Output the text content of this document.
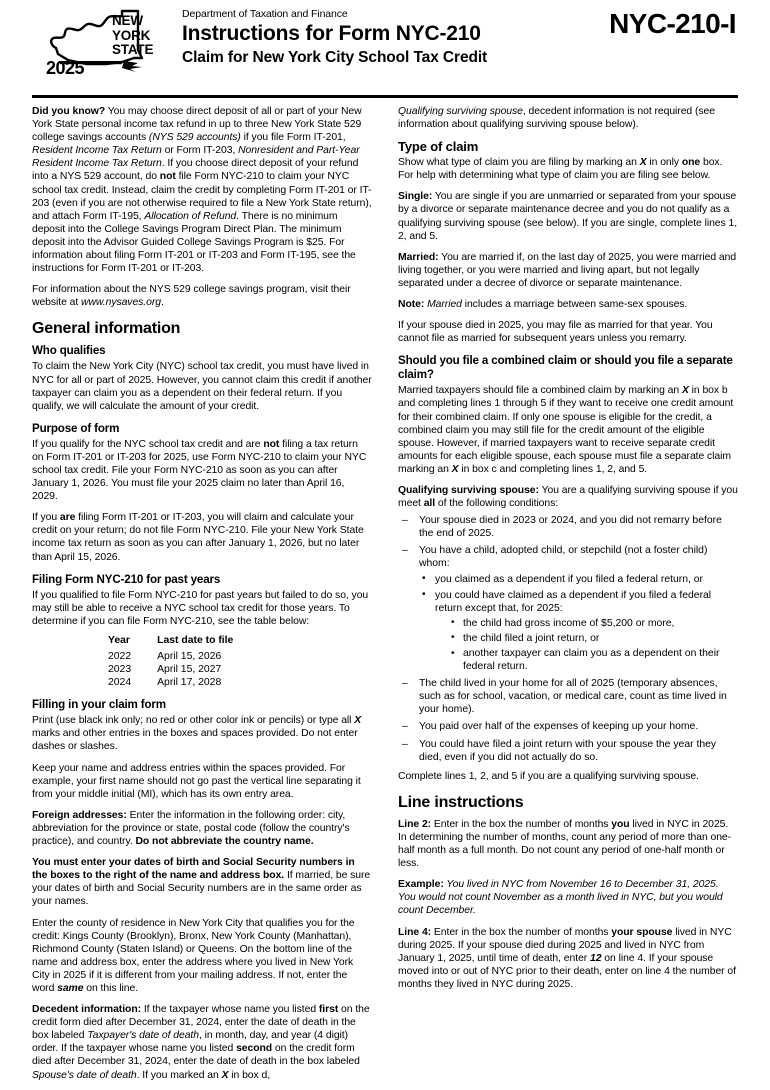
NEW
YORK
STATE
2025
Department of Taxation and Finance
Instructions for Form NYC-210
Claim for New York City School Tax Credit
NYC-210-I

Did you know? You may choose direct deposit of all or part of your New York State personal income tax refund in up to three New York State 529 college savings accounts (NYS 529 accounts) if you file Form IT-201, Resident Income Tax Return or Form IT-203, Nonresident and Part-Year Resident Income Tax Return. If you choose direct deposit of your refund into a NYS 529 account, do not file Form NYC-210 to claim your NYC school tax credit. Instead, claim the credit by completing Form IT-201 or IT-203 (even if you are not otherwise required to file a New York State return), and attach Form IT-195, Allocation of Refund. There is no minimum deposit into the College Savings Program Direct Plan. The minimum deposit into the Advisor Guided College Savings Program is $25. For information about filing Form IT-201 or IT-203 and Form IT-195, see the instructions for Form IT-201 or IT-203.

For information about the NYS 529 college savings program, visit their website at www.nysaves.org.

General information
Who qualifies

To claim the New York City (NYC) school tax credit, you must have lived in NYC for all or part of 2025. However, you cannot claim this credit if another taxpayer can claim you as a dependent on their federal return. If you qualify, we will calculate the amount of your credit.

Purpose of form

If you qualify for the NYC school tax credit and are not filing a tax return on Form IT-201 or IT-203 for 2025, use Form NYC-210 to claim your NYC school tax credit. File your Form NYC-210 as soon as you can after January 1, 2026. You must file your 2025 claim no later than April 16, 2029.

If you are filing Form IT-201 or IT-203, you will claim and calculate your credit on your return; do not file Form NYC-210. File your New York State income tax return as soon as you can after January 1, 2026, but no later than April 15, 2026.

Filing Form NYC-210 for past years

If you qualified to file Form NYC-210 for past years but failed to do so, you may still be able to receive a NYC school tax credit for those years. To determine if you can file Form NYC-210, see the table below:

Year	Last date to file
2022	April 15, 2026
2023	April 15, 2027
2024	April 17, 2028
Filling in your claim form

Print (use black ink only; no red or other color ink or pencils) or type all X marks and other entries in the boxes and spaces provided. Do not enter dashes or slashes.

Keep your name and address entries within the spaces provided. For example, your first name should not go past the vertical line separating it from your middle initial (MI), which has its own entry area.

Foreign addresses: Enter the information in the following order: city, abbreviation for the province or state, postal code (follow the country's practice), and country. Do not abbreviate the country name.

You must enter your dates of birth and Social Security numbers in the boxes to the right of the name and address box. If married, be sure your dates of birth and Social Security numbers are in the same order as your names.

Enter the county of residence in New York City that qualifies you for the credit: Kings County (Brooklyn), Bronx, New York County (Manhattan), Richmond County (Staten Island) or Queens. On the bottom line of the name and address box, enter the address where you lived in New York City in 2025 if it is different from your mailing address. If not, enter the word same on this line.

Decedent information: If the taxpayer whose name you listed first on the credit form died after December 31, 2024, enter the date of death in the box labeled Taxpayer's date of death, in month, day, and year (4 digit) order. If the taxpayer whose name you listed second on the credit form died after December 31, 2024, enter the date of death in the box labeled Spouse's date of death. If you marked an X in box d,

Qualifying surviving spouse, decedent information is not required (see information about qualifying surviving spouse below).

Type of claim

Show what type of claim you are filing by marking an X in only one box. For help with determining what type of claim you are filing see below.

Single: You are single if you are unmarried or separated from your spouse by a divorce or separate maintenance decree and you do not qualify as a qualifying surviving spouse (see below). If you are single, complete lines 1, 2, and 5.

Married: You are married if, on the last day of 2025, you were married and living together, or you were married and living apart, but not legally separated under a decree of divorce or separate maintenance.

Note: Married includes a marriage between same-sex spouses.

If your spouse died in 2025, you may file as married for that year. You cannot file as married for subsequent years unless you remarry.

Should you file a combined claim or should you file a separate claim?

Married taxpayers should file a combined claim by marking an X in box b and completing lines 1 through 5 if they want to receive one credit amount for their combined claim. If only one spouse is eligible for the credit, a combined claim you may still file for the credit amount of the eligible spouse. However, if married taxpayers want to receive separate credit amounts for each eligible spouse, each spouse must file a separate claim marking an X in box c and completing lines 1, 2, and 5.

Qualifying surviving spouse: You are a qualifying surviving spouse if you meet all of the following conditions:

– Your spouse died in 2023 or 2024, and you did not remarry before the end of 2025.
– You have a child, adopted child, or stepchild (not a foster child) whom:
• you claimed as a dependent if you filed a federal return, or
• you could have claimed as a dependent if you filed a federal return except that, for 2025:
• the child had gross income of $5,200 or more,
• the child filed a joint return, or
• another taxpayer can claim you as a dependent on their federal return.
– The child lived in your home for all of 2025 (temporary absences, such as for school, vacation, or medical care, count as time lived in your home).
– You paid over half of the expenses of keeping up your home.
– You could have filed a joint return with your spouse the year they died, even if you did not actually do so.

Complete lines 1, 2, and 5 if you are a qualifying surviving spouse.

Line instructions

Line 2: Enter in the box the number of months you lived in NYC in 2025. In determining the number of months, count any period of more than one-half month as a full month. Do not count any period of one-half month or less.

Example: You lived in NYC from November 16 to December 31, 2025. You would not count November as a month lived in NYC, but you would count December.

Line 4: Enter in the box the number of months your spouse lived in NYC during 2025. If your spouse died during 2025 and lived in NYC from January 1, 2025, until time of death, enter 12 on line 4. If your spouse moved into or out of NYC prior to their death, enter on line 4 the number of months they lived in NYC during 2025.
